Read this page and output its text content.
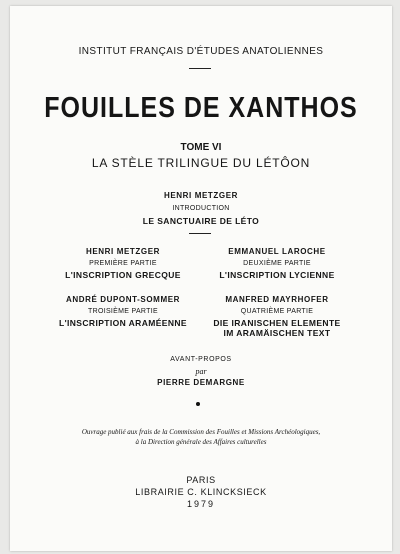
INSTITUT FRANÇAIS D'ÉTUDES ANATOLIENNES
FOUILLES DE XANTHOS
TOME VI
LA STÈLE TRILINGUE DU LÉTÔON
HENRI METZGER
INTRODUCTION
LE SANCTUAIRE DE LÉTO
HENRI METZGER
PREMIÈRE PARTIE
L'INSCRIPTION GRECQUE
EMMANUEL LAROCHE
DEUXIÈME PARTIE
L'INSCRIPTION LYCIENNE
ANDRÉ DUPONT-SOMMER
TROISIÈME PARTIE
L'INSCRIPTION ARAMÉENNE
MANFRED MAYRHOFER
QUATRIÈME PARTIE
DIE IRANISCHEN ELEMENTE
IM ARAMÄISCHEN TEXT
AVANT-PROPOS
par
PIERRE DEMARGNE
Ouvrage publié aux frais de la Commission des Fouilles et Missions Archéologiques,
à la Direction générale des Affaires culturelles
PARIS
LIBRAIRIE C. KLINCKSIECK
1979
